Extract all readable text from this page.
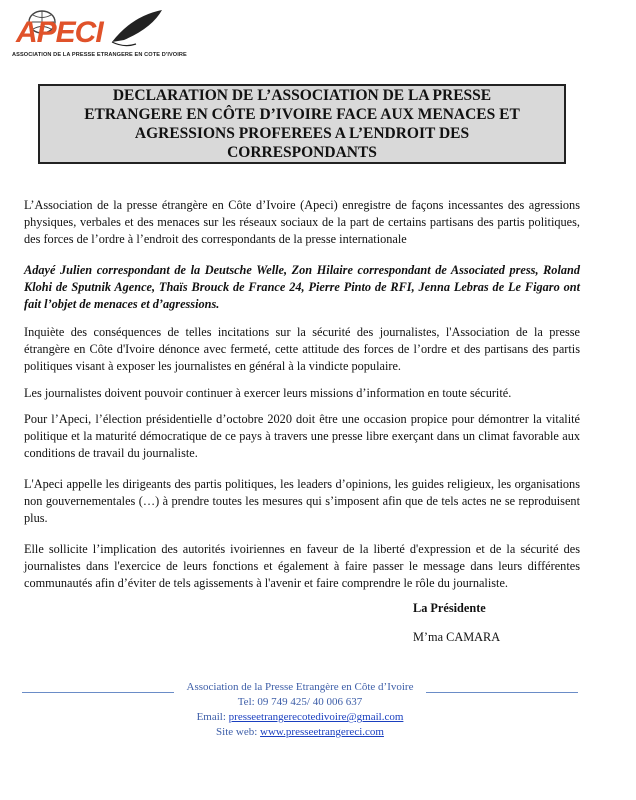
APECI
ASSOCIATION DE LA PRESSE ETRANGERE EN COTE D'IVOIRE
DECLARATION DE L’ASSOCIATION DE LA PRESSE ETRANGERE EN CÔTE D’IVOIRE FACE AUX MENACES ET AGRESSIONS PROFEREES A L’ENDROIT DES CORRESPONDANTS

L’Association de la presse étrangère en Côte d’Ivoire (Apeci) enregistre de façons incessantes des agressions physiques, verbales et des menaces sur les réseaux sociaux de la part de certains partisans des partis politiques, des forces de l’ordre à l’endroit des correspondants de la presse internationale

Adayé Julien correspondant de la Deutsche Welle, Zon Hilaire correspondant de Associated press, Roland Klohi de Sputnik Agence, Thaïs Brouck de France 24, Pierre Pinto de RFI, Jenna Lebras de Le Figaro ont fait l’objet de menaces et d’agressions.

Inquiète des conséquences de telles incitations sur la sécurité des journalistes, l'Association de la presse étrangère en Côte d'Ivoire dénonce avec fermeté, cette attitude des forces de l’ordre et des partisans des partis politiques visant à exposer les journalistes en général à la vindicte populaire.

Les journalistes doivent pouvoir continuer à exercer leurs missions d’information en toute sécurité.

Pour l’Apeci, l’élection présidentielle d’octobre 2020 doit être une occasion propice pour démontrer la vitalité politique et la maturité démocratique de ce pays à travers une presse libre exerçant dans un climat favorable aux conditions de travail du journaliste.

L'Apeci appelle les dirigeants des partis politiques, les leaders d’opinions, les guides religieux, les organisations non gouvernementales (…) à prendre toutes les mesures qui s’imposent afin que de tels actes ne se reproduisent plus.

Elle sollicite l’implication des autorités ivoiriennes en faveur de la liberté d'expression et de la sécurité des journalistes dans l'exercice de leurs fonctions et également à faire passer le message dans leurs différentes communautés afin d’éviter de tels agissements à l'avenir et faire comprendre le rôle du journaliste.

La Présidente
M’ma CAMARA
Association de la Presse Etrangère en Côte d’Ivoire
Tel: 09 749 425/ 40 006 637
Email: presseetrangerecotedivoire@gmail.com
Site web: www.presseetrangereci.com
